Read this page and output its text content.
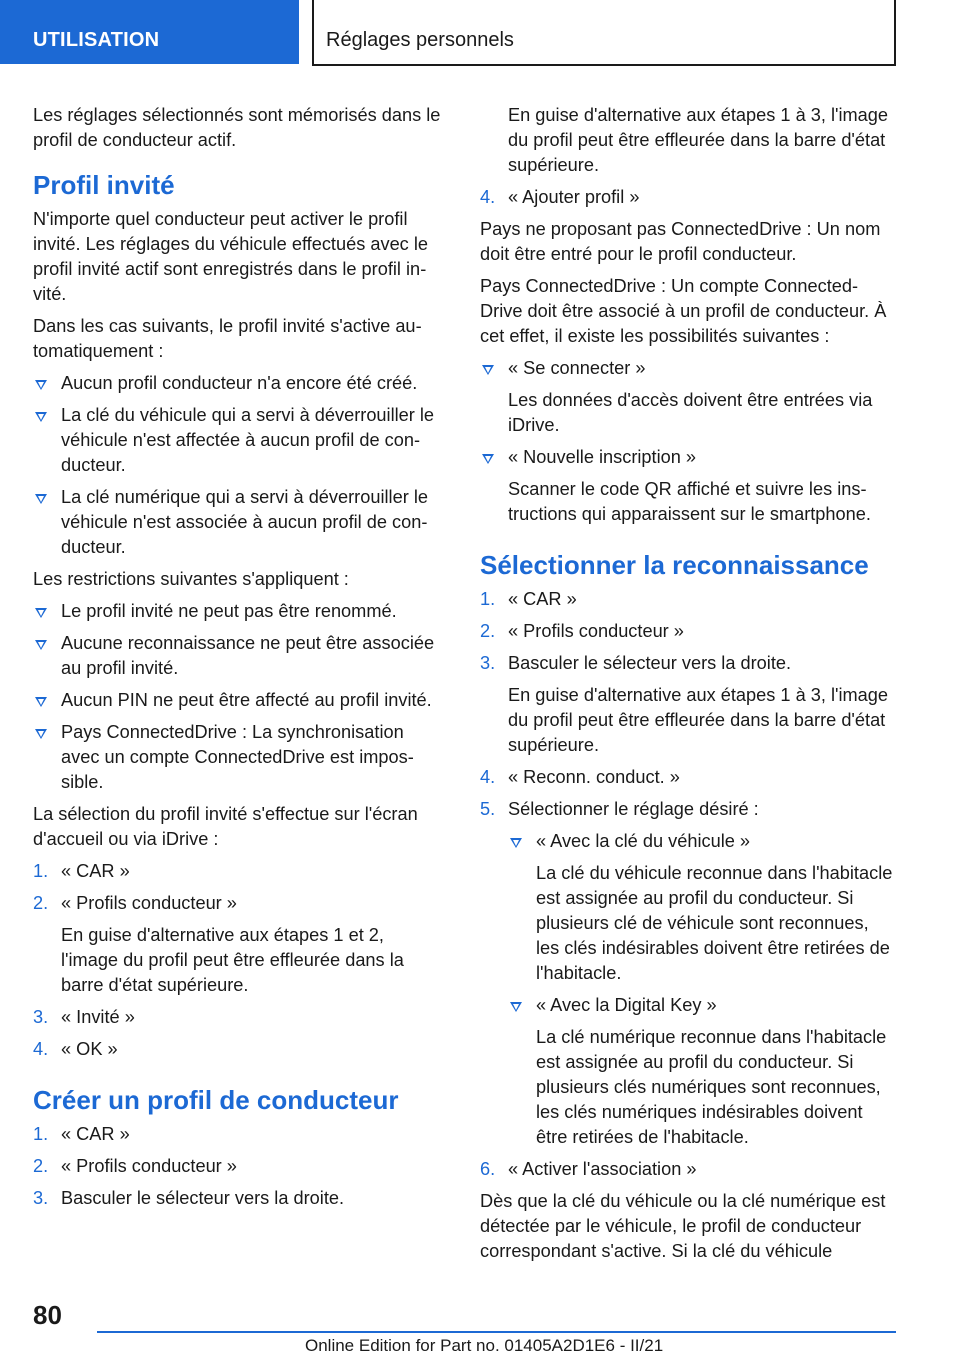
UTILISATION	Réglages personnels

Les réglages sélectionnés sont mémorisés dans le profil de conducteur actif.

Profil invité

N'importe quel conducteur peut activer le profil invité. Les réglages du véhicule effectués avec le profil invité actif sont enregistrés dans le profil invité.

Dans les cas suivants, le profil invité s'active automatiquement :

Aucun profil conducteur n'a encore été créé.
La clé du véhicule qui a servi à déverrouiller le véhicule n'est affectée à aucun profil de conducteur.
La clé numérique qui a servi à déverrouiller le véhicule n'est associée à aucun profil de conducteur.

Les restrictions suivantes s'appliquent :

Le profil invité ne peut pas être renommé.
Aucune reconnaissance ne peut être associée au profil invité.
Aucun PIN ne peut être affecté au profil invité.
Pays ConnectedDrive : La synchronisation avec un compte ConnectedDrive est impossible.

La sélection du profil invité s'effectue sur l'écran d'accueil ou via iDrive :

1. « CAR »
2. « Profils conducteur »
En guise d'alternative aux étapes 1 et 2, l'image du profil peut être effleurée dans la barre d'état supérieure.
3. « Invité »
4. « OK »
Créer un profil de conducteur
1. « CAR »
2. « Profils conducteur »
3. Basculer le sélecteur vers la droite.
En guise d'alternative aux étapes 1 à 3, l'image du profil peut être effleurée dans la barre d'état supérieure.
4. « Ajouter profil »

Pays ne proposant pas ConnectedDrive : Un nom doit être entré pour le profil conducteur.

Pays ConnectedDrive : Un compte ConnectedDrive doit être associé à un profil de conducteur. À cet effet, il existe les possibilités suivantes :

« Se connecter »
Les données d'accès doivent être entrées via iDrive.
« Nouvelle inscription »
Scanner le code QR affiché et suivre les instructions qui apparaissent sur le smartphone.
Sélectionner la reconnaissance
1. « CAR »
2. « Profils conducteur »
3. Basculer le sélecteur vers la droite.
En guise d'alternative aux étapes 1 à 3, l'image du profil peut être effleurée dans la barre d'état supérieure.
4. « Reconn. conduct. »
5. Sélectionner le réglage désiré :
« Avec la clé du véhicule »
La clé du véhicule reconnue dans l'habitacle est assignée au profil du conducteur. Si plusieurs clé de véhicule sont reconnues, les clés indésirables doivent être retirées de l'habitacle.
« Avec la Digital Key »
La clé numérique reconnue dans l'habitacle est assignée au profil du conducteur. Si plusieurs clés numériques sont reconnues, les clés numériques indésirables doivent être retirées de l'habitacle.
6. « Activer l'association »

Dès que la clé du véhicule ou la clé numérique est détectée par le véhicule, le profil de conducteur correspondant s'active. Si la clé du véhicule

80
Online Edition for Part no. 01405A2D1E6 - II/21
